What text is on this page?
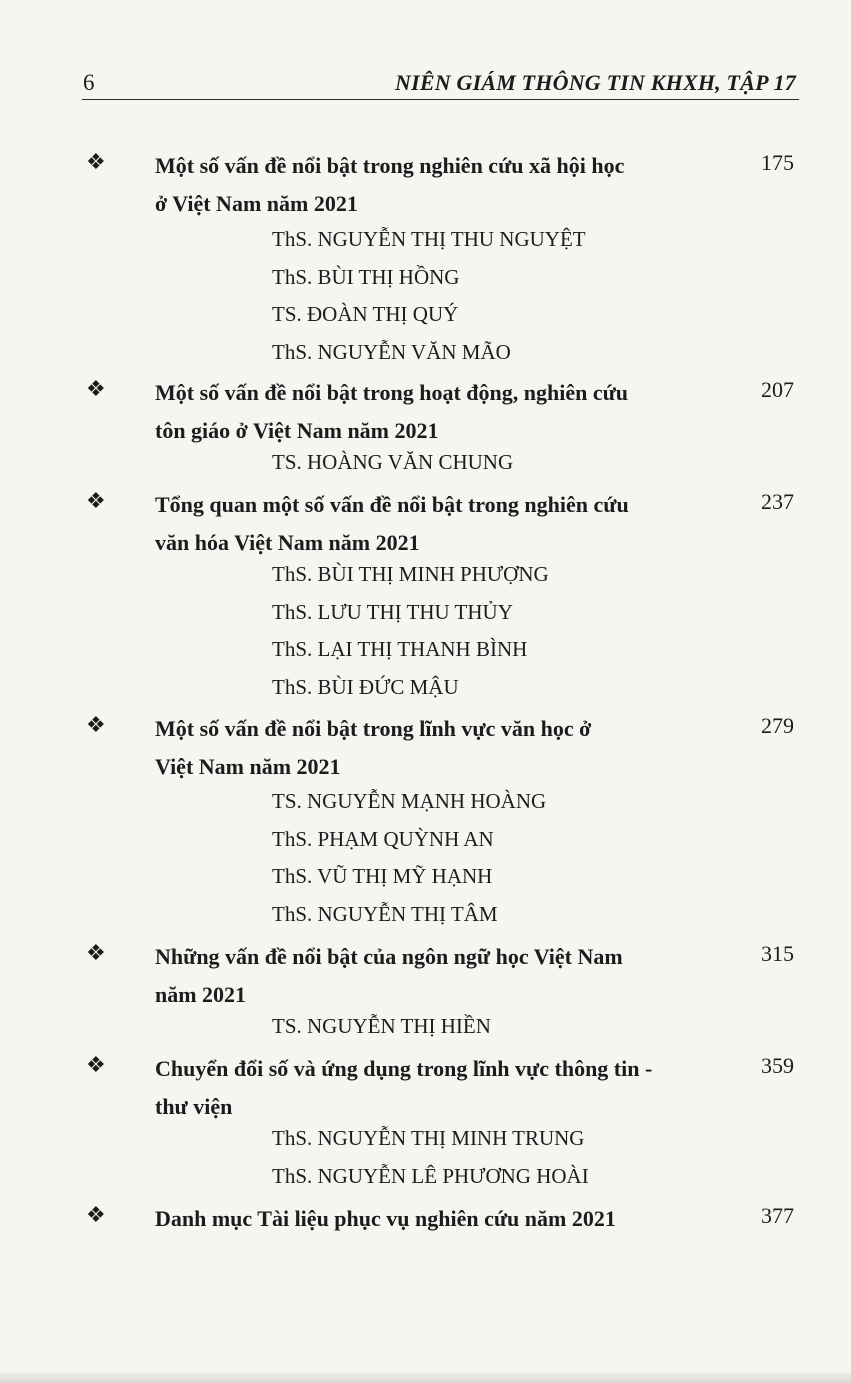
6	NIÊN GIÁM THÔNG TIN KHXH, TẬP 17
❖ Một số vấn đề nổi bật trong nghiên cứu xã hội học
ở Việt Nam năm 2021
175
ThS. NGUYỄN THỊ THU NGUYỆT
ThS. BÙI THỊ HỒNG
TS. ĐOÀN THỊ QUÝ
ThS. NGUYỄN VĂN MÃO
❖ Một số vấn đề nổi bật trong hoạt động, nghiên cứu
tôn giáo ở Việt Nam năm 2021
207
TS. HOÀNG VĂN CHUNG
❖ Tổng quan một số vấn đề nổi bật trong nghiên cứu
văn hóa Việt Nam năm 2021
237
ThS. BÙI THỊ MINH PHƯỢNG
ThS. LƯU THỊ THU THỦY
ThS. LẠI THỊ THANH BÌNH
ThS. BÙI ĐỨC MẬU
❖ Một số vấn đề nổi bật trong lĩnh vực văn học ở
Việt Nam năm 2021
279
TS. NGUYỄN MẠNH HOÀNG
ThS. PHẠM QUỲNH AN
ThS. VŨ THỊ MỸ HẠNH
ThS. NGUYỄN THỊ TÂM
❖ Những vấn đề nổi bật của ngôn ngữ học Việt Nam
năm 2021
315
TS. NGUYỄN THỊ HIỀN
❖ Chuyển đổi số và ứng dụng trong lĩnh vực thông tin -
thư viện
359
ThS. NGUYỄN THỊ MINH TRUNG
ThS. NGUYỄN LÊ PHƯƠNG HOÀI
❖ Danh mục Tài liệu phục vụ nghiên cứu năm 2021	377
